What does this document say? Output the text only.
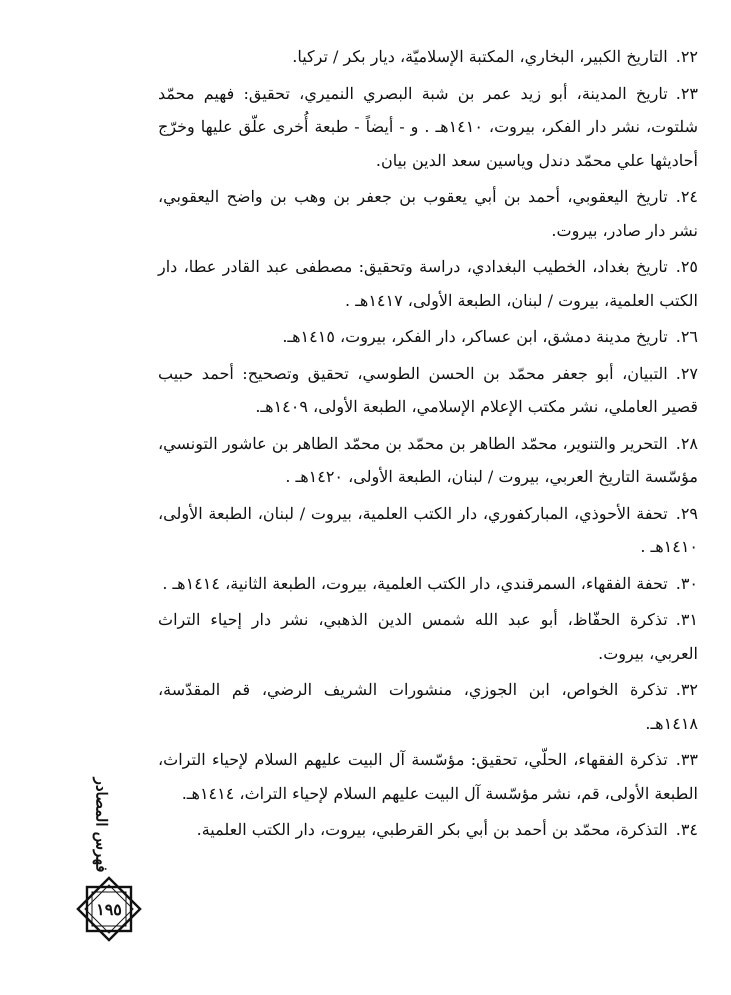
٢٢.التاريخ الكبير، البخاري، المكتبة الإسلاميّة، ديار بكر / تركيا.

٢٣.تاريخ المدينة، أبو زيد عمر بن شبة البصري النميري، تحقيق: فهيم محمّد شلتوت، نشر دار الفكر، بيروت، ١٤١٠هـ . و - أيضاً - طبعة أُخرى علّق عليها وخرّج أحاديثها علي محمّد دندل وياسين سعد الدين بيان.

٢٤.تاريخ اليعقوبي، أحمد بن أبي يعقوب بن جعفر بن وهب بن واضح اليعقوبي، نشر دار صادر، بيروت.

٢٥.تاريخ بغداد، الخطيب البغدادي، دراسة وتحقيق: مصطفى عبد القادر عطا، دار الكتب العلمية، بيروت / لبنان، الطبعة الأولى، ١٤١٧هـ .

٢٦.تاريخ مدينة دمشق، ابن عساكر، دار الفكر، بيروت، ١٤١٥هـ.

٢٧.التبيان، أبو جعفر محمّد بن الحسن الطوسي، تحقيق وتصحيح: أحمد حبيب قصير العاملي، نشر مكتب الإعلام الإسلامي، الطبعة الأولى، ١٤٠٩هـ.

٢٨.التحرير والتنوير، محمّد الطاهر بن محمّد بن محمّد الطاهر بن عاشور التونسي، مؤسّسة التاريخ العربي، بيروت / لبنان، الطبعة الأولى، ١٤٢٠هـ .

٢٩.تحفة الأحوذي، المباركفوري، دار الكتب العلمية، بيروت / لبنان، الطبعة الأولى، ١٤١٠هـ .

٣٠.تحفة الفقهاء، السمرقندي، دار الكتب العلمية، بيروت، الطبعة الثانية، ١٤١٤هـ .

٣١.تذكرة الحفّاظ، أبو عبد الله شمس الدين الذهبي، نشر دار إحياء التراث العربي، بيروت.

٣٢.تذكرة الخواص، ابن الجوزي، منشورات الشريف الرضي، قم المقدّسة، ١٤١٨هـ.

٣٣.تذكرة الفقهاء، الحلّي، تحقيق: مؤسّسة آل البيت عليهم السلام لإحياء التراث، الطبعة الأولى، قم، نشر مؤسّسة آل البيت عليهم السلام لإحياء التراث، ١٤١٤هـ.

٣٤.التذكرة، محمّد بن أحمد بن أبي بكر القرطبي، بيروت، دار الكتب العلمية.

فهرس المصادر
١٩٥
